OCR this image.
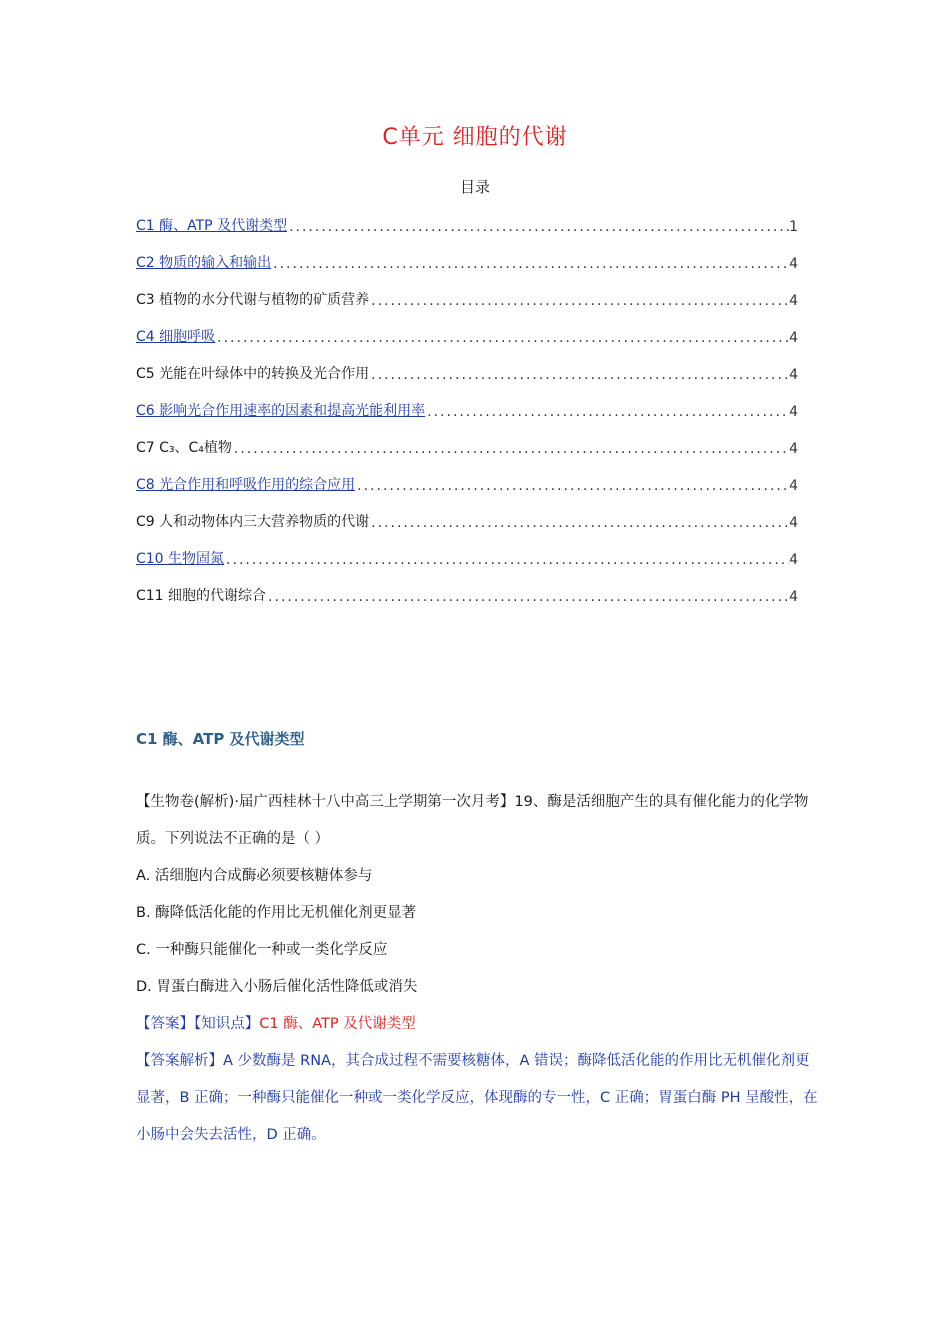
C单元 细胞的代谢
目录
C1 酶、ATP 及代谢类型 .....	1
C2 物质的输入和输出 .....	4
C3 植物的水分代谢与植物的矿质营养 .....	4
C4 细胞呼吸 .....	4
C5 光能在叶绿体中的转换及光合作用 .....	4
C6 影响光合作用速率的因素和提高光能利用率 .....	4
C7 C₃、C₄植物 .....	4
C8 光合作用和呼吸作用的综合应用 .....	4
C9 人和动物体内三大营养物质的代谢 .....	4
C10 生物固氮 .....	4
C11 细胞的代谢综合 .....	4
C1 酶、ATP 及代谢类型
【生物卷(解析)·届广西桂林十八中高三上学期第一次月考】19、酶是活细胞产生的具有催化能力的化学物质。下列说法不正确的是（ ）
A. 活细胞内合成酶必须要核糖体参与
B. 酶降低活化能的作用比无机催化剂更显著
C. 一种酶只能催化一种或一类化学反应
D. 胃蛋白酶进入小肠后催化活性降低或消失
【答案】【知识点】C1 酶、ATP 及代谢类型
【答案解析】A 少数酶是 RNA，其合成过程不需要核糖体，A 错误；酶降低活化能的作用比无机催化剂更显著，B 正确；一种酶只能催化一种或一类化学反应，体现酶的专一性，C 正确；胃蛋白酶 PH 呈酸性，在小肠中会失去活性，D 正确。
